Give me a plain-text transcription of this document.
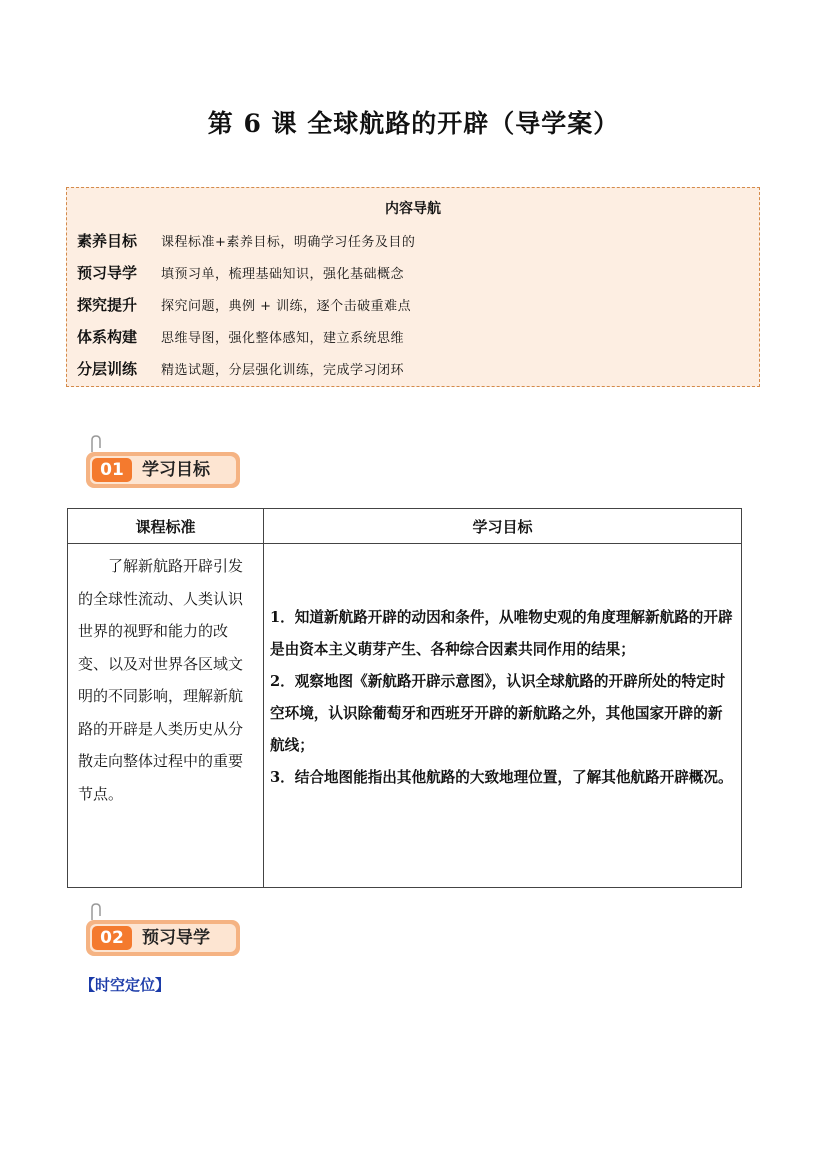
第 6 课 全球航路的开辟（导学案）
内容导航
素养目标	课程标准+素养目标，明确学习任务及目的
预习导学	填预习单，梳理基础知识，强化基础概念
探究提升	探究问题，典例 + 训练，逐个击破重难点
体系构建	思维导图，强化整体感知，建立系统思维
分层训练	精选试题，分层强化训练，完成学习闭环
01	学习目标
课程标准	学习目标

了解新航路开辟引发的全球性流动、人类认识世界的视野和能力的改变、以及对世界各区域文明的不同影响，理解新航路的开辟是人类历史从分散走向整体过程中的重要节点。	1．知道新航路开辟的动因和条件，从唯物史观的角度理解新航路的开辟是由资本主义萌芽产生、各种综合因素共同作用的结果；

2．观察地图《新航路开辟示意图》，认识全球航路的开辟所处的特定时空环境，认识除葡萄牙和西班牙开辟的新航路之外，其他国家开辟的新航线；

3．结合地图能指出其他航路的大致地理位置，了解其他航路开辟概况。

02	预习导学
【时空定位】
